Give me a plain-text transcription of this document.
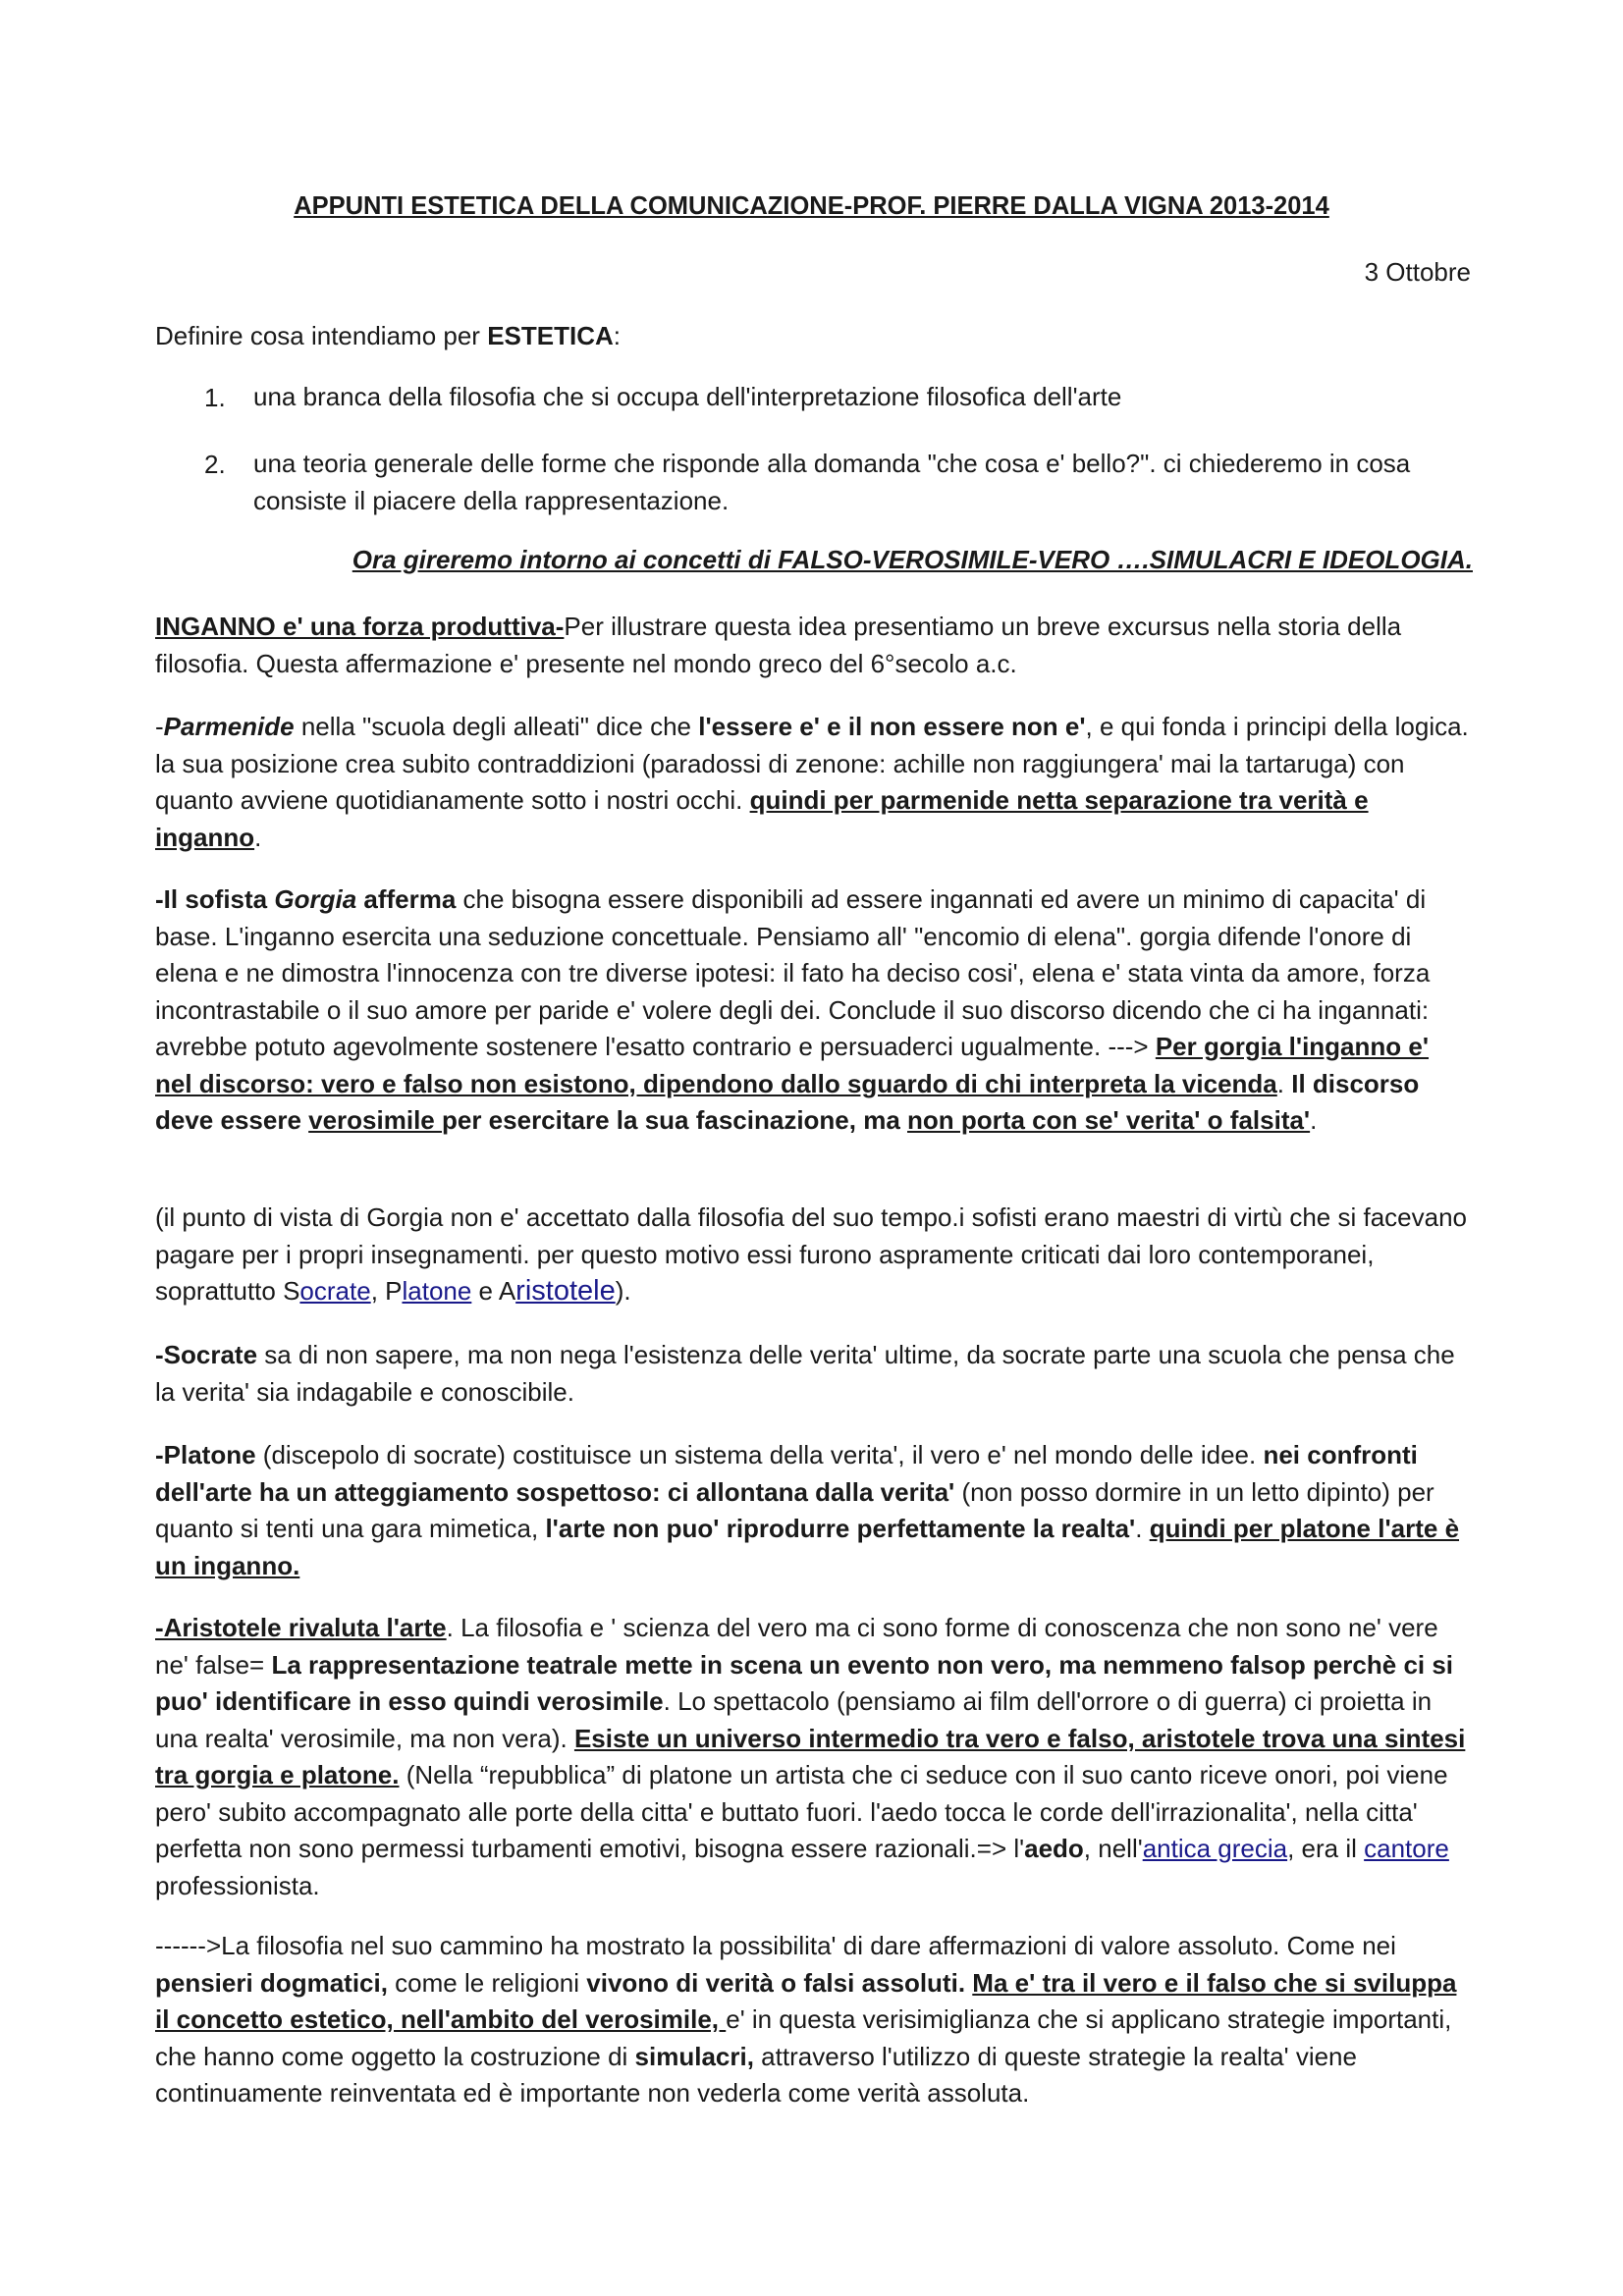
APPUNTI ESTETICA DELLA COMUNICAZIONE-PROF. PIERRE DALLA VIGNA 2013-2014
3 Ottobre

Definire cosa intendiamo per ESTETICA:

1. una branca della filosofia che si occupa dell'interpretazione filosofica dell'arte
2. una teoria generale delle forme che risponde alla domanda "che cosa e' bello?". ci chiederemo in cosa consiste il piacere della rappresentazione.
Ora gireremo intorno ai concetti di FALSO-VEROSIMILE-VERO ….SIMULACRI E IDEOLOGIA.

INGANNO e' una forza produttiva-Per illustrare questa idea presentiamo un breve excursus nella storia della filosofia. Questa affermazione e' presente nel mondo greco del 6°secolo a.c.

-Parmenide nella "scuola degli alleati" dice che l'essere e' e il non essere non e', e qui fonda i principi della logica. la sua posizione crea subito contraddizioni (paradossi di zenone: achille non raggiungera' mai la tartaruga) con quanto avviene quotidianamente sotto i nostri occhi. quindi per parmenide netta separazione tra verità e inganno.

-Il sofista Gorgia afferma che bisogna essere disponibili ad essere ingannati ed avere un minimo di capacita' di base. L'inganno esercita una seduzione concettuale. Pensiamo all' "encomio di elena". gorgia difende l'onore di elena e ne dimostra l'innocenza con tre diverse ipotesi: il fato ha deciso cosi', elena e' stata vinta da amore, forza incontrastabile o il suo amore per paride e' volere degli dei. Conclude il suo discorso dicendo che ci ha ingannati: avrebbe potuto agevolmente sostenere l'esatto contrario e persuaderci ugualmente. ---> Per gorgia l'inganno e' nel discorso: vero e falso non esistono, dipendono dallo sguardo di chi interpreta la vicenda. Il discorso deve essere verosimile per esercitare la sua fascinazione, ma non porta con se' verita' o falsita'.

(il punto di vista di Gorgia non e' accettato dalla filosofia del suo tempo.i sofisti erano maestri di virtù che si facevano pagare per i propri insegnamenti. per questo motivo essi furono aspramente criticati dai loro contemporanei, soprattutto Socrate, Platone e Aristotele).

-Socrate sa di non sapere, ma non nega l'esistenza delle verita' ultime, da socrate parte una scuola che pensa che la verita' sia indagabile e conoscibile.

-Platone (discepolo di socrate) costituisce un sistema della verita', il vero e' nel mondo delle idee. nei confronti dell'arte ha un atteggiamento sospettoso: ci allontana dalla verita' (non posso dormire in un letto dipinto) per quanto si tenti una gara mimetica, l'arte non puo' riprodurre perfettamente la realta'. quindi per platone l'arte è un inganno.

-Aristotele rivaluta l'arte. La filosofia e ' scienza del vero ma ci sono forme di conoscenza che non sono ne' vere ne' false= La rappresentazione teatrale mette in scena un evento non vero, ma nemmeno falsop perchè ci si puo' identificare in esso quindi verosimile. Lo spettacolo (pensiamo ai film dell'orrore o di guerra) ci proietta in una realta' verosimile, ma non vera). Esiste un universo intermedio tra vero e falso, aristotele trova una sintesi tra gorgia e platone. (Nella “repubblica” di platone un artista che ci seduce con il suo canto riceve onori, poi viene pero' subito accompagnato alle porte della citta' e buttato fuori. l'aedo tocca le corde dell'irrazionalita', nella citta' perfetta non sono permessi turbamenti emotivi, bisogna essere razionali.=> l'aedo, nell'antica grecia, era il cantore professionista.

------>La filosofia nel suo cammino ha mostrato la possibilita' di dare affermazioni di valore assoluto. Come nei pensieri dogmatici, come le religioni vivono di verità o falsi assoluti. Ma e' tra il vero e il falso che si sviluppa il concetto estetico, nell'ambito del verosimile, e' in questa verisimiglianza che si applicano strategie importanti, che hanno come oggetto la costruzione di simulacri, attraverso l'utilizzo di queste strategie la realta' viene continuamente reinventata ed è importante non vederla come verità assoluta.
